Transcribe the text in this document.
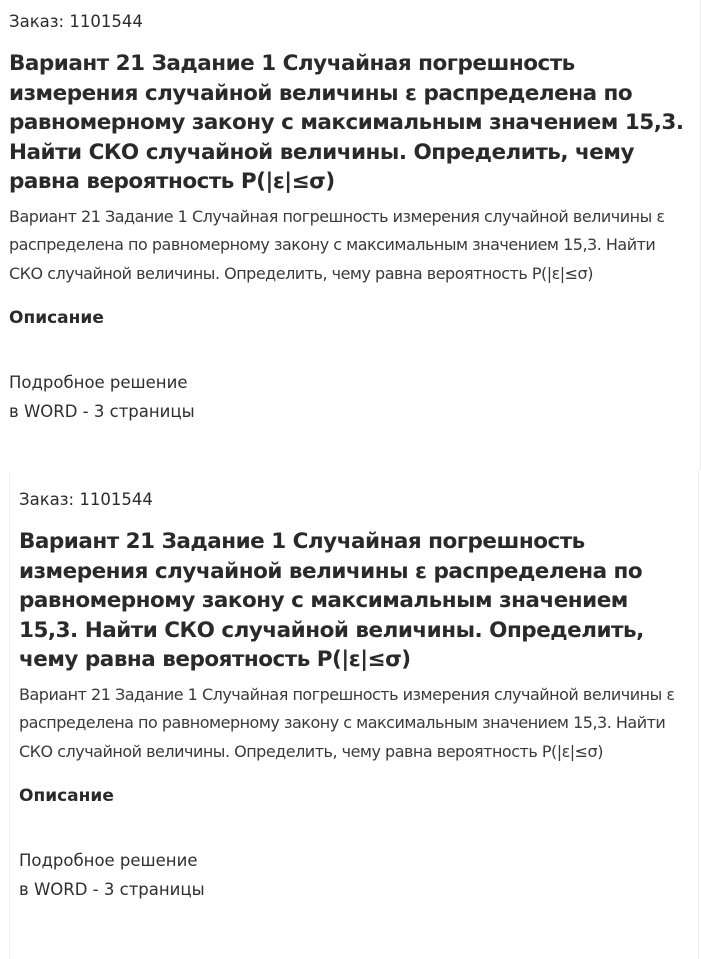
Заказ: 1101544

Вариант 21 Задание 1 Случайная погрешность измерения случайной величины ε распределена по равномерному закону с максимальным значением 15,3. Найти СКО случайной величины. Определить, чему равна вероятность P(|ε|≤σ)

Вариант 21 Задание 1 Случайная погрешность измерения случайной величины ε распределена по равномерному закону с максимальным значением 15,3. Найти СКО случайной величины. Определить, чему равна вероятность P(|ε|≤σ)

Описание
Подробное решение
в WORD - 3 страницы

Заказ: 1101544

Вариант 21 Задание 1 Случайная погрешность измерения случайной величины ε распределена по равномерному закону с максимальным значением 15,3. Найти СКО случайной величины. Определить, чему равна вероятность P(|ε|≤σ)

Вариант 21 Задание 1 Случайная погрешность измерения случайной величины ε распределена по равномерному закону с максимальным значением 15,3. Найти СКО случайной величины. Определить, чему равна вероятность P(|ε|≤σ)

Описание
Подробное решение
в WORD - 3 страницы
